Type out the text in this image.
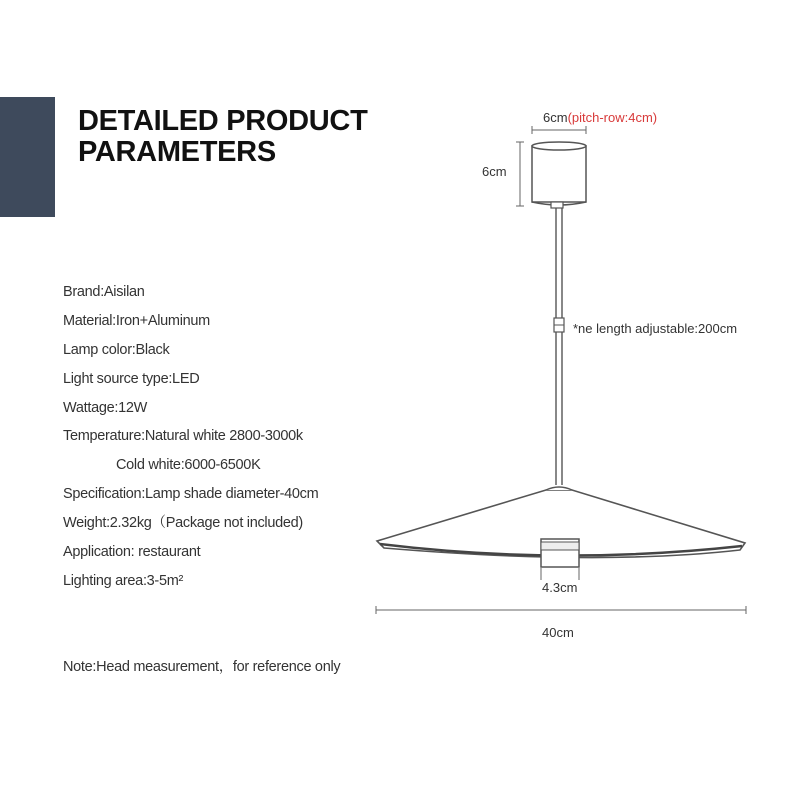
DETAILED PRODUCT
PARAMETERS
Brand:Aisilan
Material:Iron+Aluminum
Lamp color:Black
Light source type:LED
Wattage:12W
Temperature:Natural white 2800-3000k
Cold white:6000-6500K
Specification:Lamp shade diameter-40cm
Weight:2.32kg（Package not included)
Application: restaurant
Lighting area:3-5m²
Note:Head measurement，for reference only
6cm(pitch-row:4cm)
6cm
*ne length adjustable:200cm
4.3cm
40cm
